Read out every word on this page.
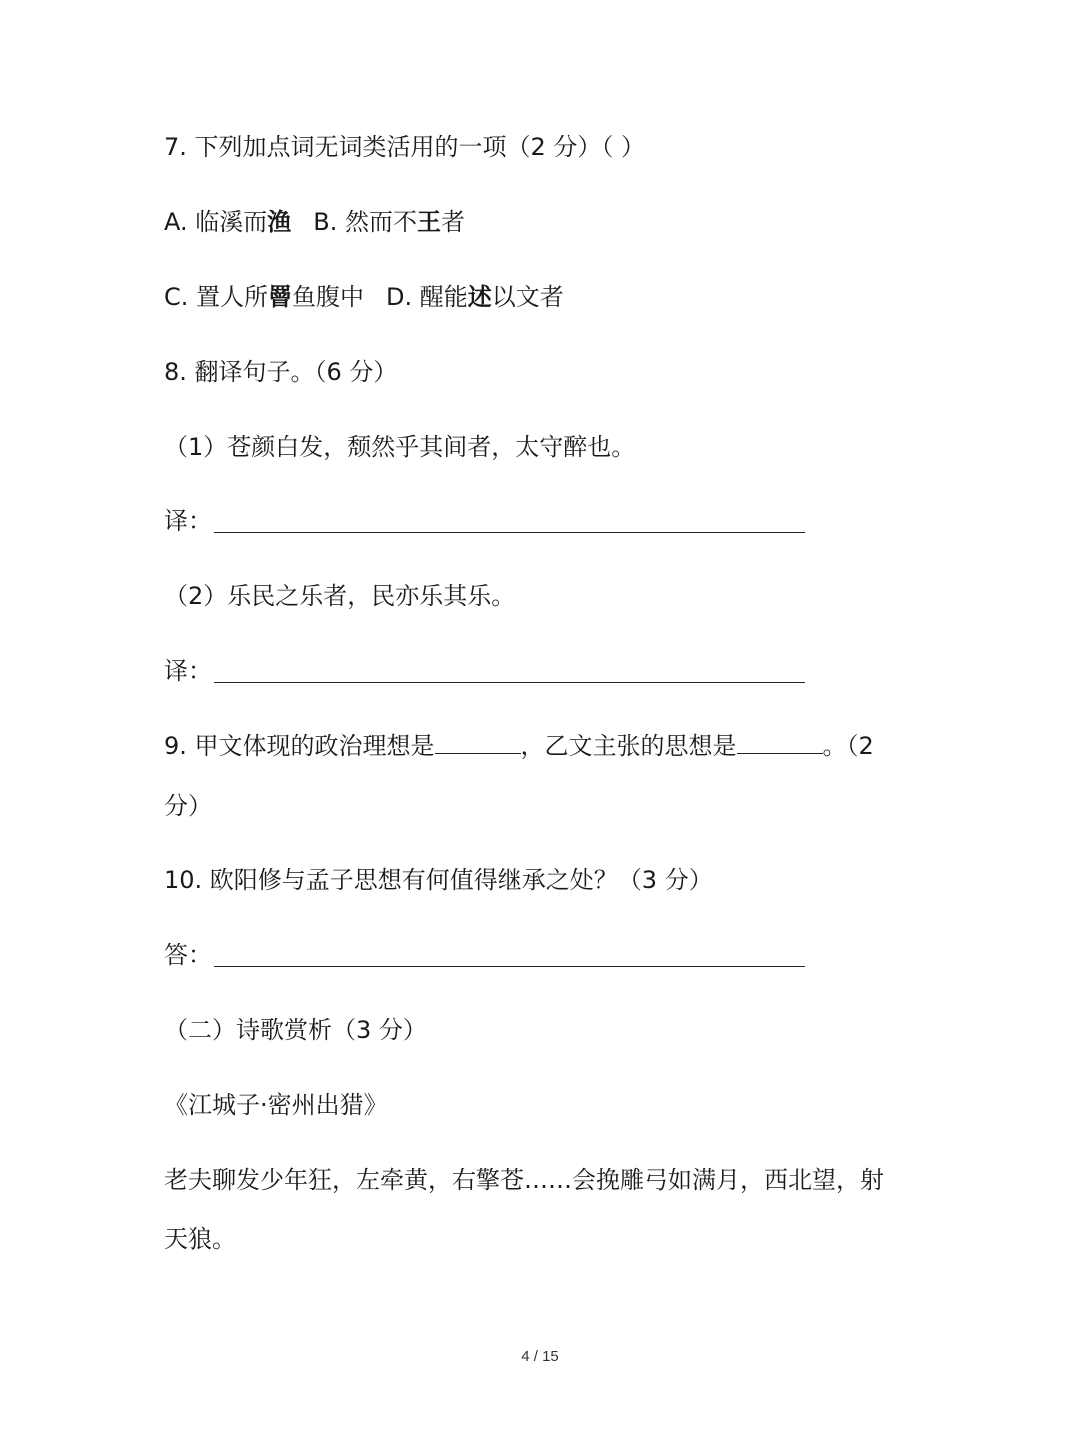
7. 下列加点词无词类活用的一项（2 分）（ ）
A. 临溪而渔 B. 然而不王者
C. 置人所罾鱼腹中 D. 醒能述以文者
8. 翻译句子。（6 分）
（1）苍颜白发，颓然乎其间者，太守醉也。
译：
（2）乐民之乐者，民亦乐其乐。
译：
9. 甲文体现的政治理想是	，乙文主张的思想是	。（2
分）
10. 欧阳修与孟子思想有何值得继承之处？（3 分）
答：
（二）诗歌赏析（3 分）
《江城子·密州出猎》
老夫聊发少年狂，左牵黄，右擎苍……会挽雕弓如满月，西北望，射
天狼。
4 / 15
